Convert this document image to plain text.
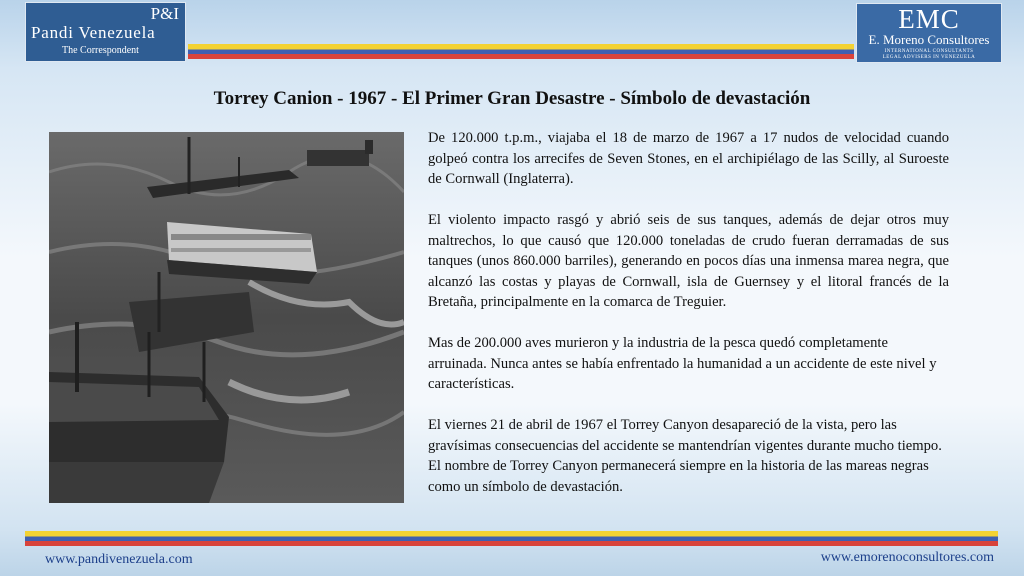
P&I
Pandi Venezuela
The Correspondent
EMC
E. Moreno Consultores
INTERNATIONAL CONSULTANTS
LEGAL ADVISERS IN VENEZUELA
Torrey Canion - 1967 - El Primer Gran Desastre - Símbolo de devastación

De 120.000 t.p.m., viajaba el 18 de marzo de 1967 a 17 nudos de velocidad cuando golpeó contra los arrecifes de Seven Stones, en el archipiélago de las Scilly, al Suroeste de Cornwall (Inglaterra).

El violento impacto rasgó y abrió seis de sus tanques, además de dejar otros muy maltrechos, lo que causó que 120.000 toneladas de crudo fueran derramadas de sus tanques (unos 860.000 barriles), generando en pocos días una inmensa marea negra, que alcanzó las costas y playas de Cornwall, isla de Guernsey y el litoral francés de la Bretaña, principalmente en la comarca de Treguier.

Mas de 200.000 aves murieron y la industria de la pesca quedó completamente arruinada. Nunca antes se había enfrentado la humanidad a un accidente de este nivel y características.

El viernes 21 de abril de 1967 el Torrey Canyon desapareció de la vista, pero las gravísimas consecuencias del accidente se mantendrían vigentes durante mucho tiempo. El nombre de Torrey Canyon permanecerá siempre en la historia de las mareas negras como un símbolo de devastación.

www.pandivenezuela.com	www.emorenoconsultores.com
